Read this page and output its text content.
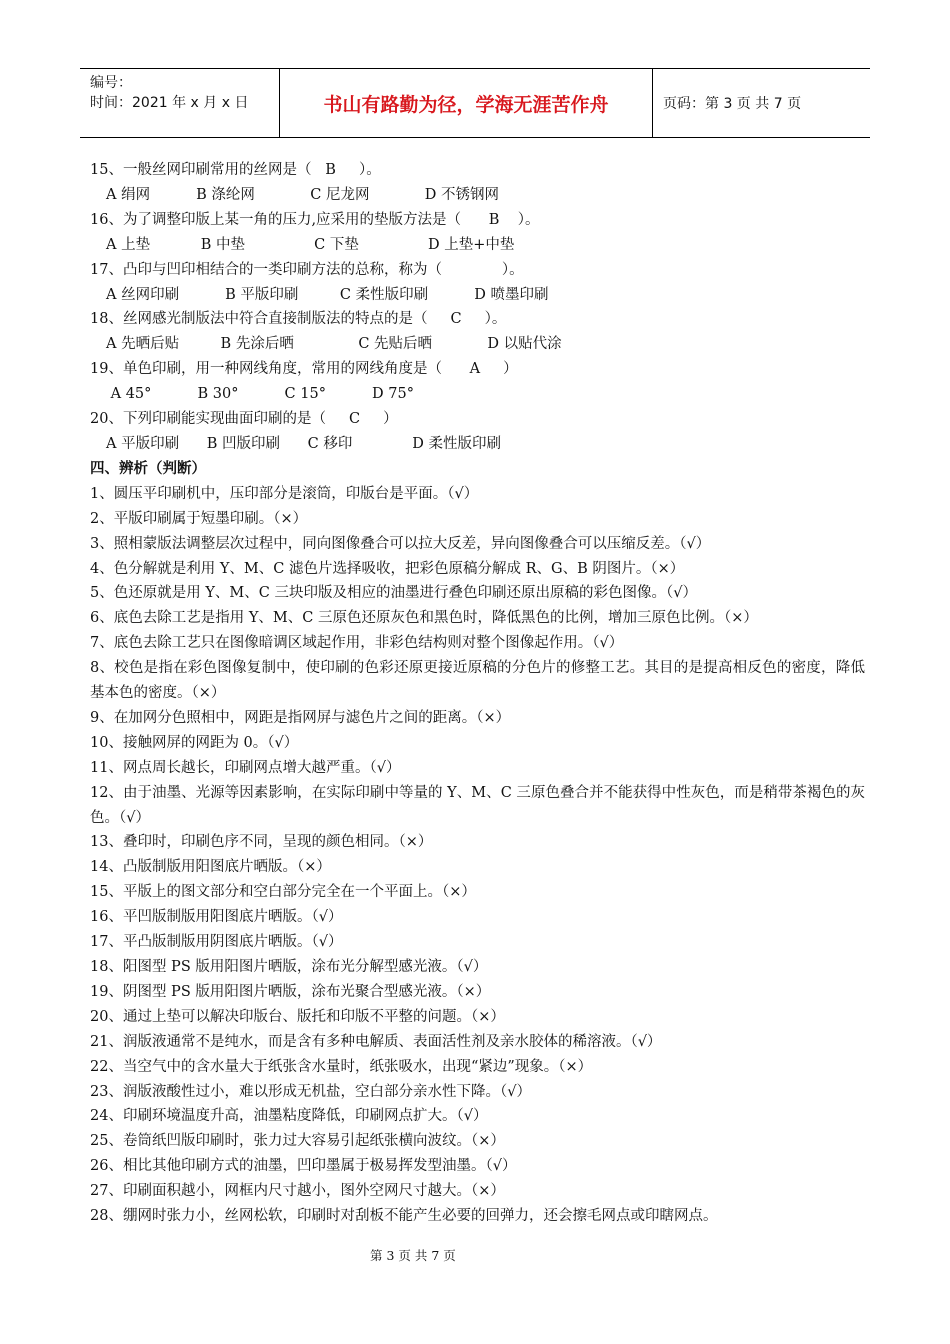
编号：
时间：2021 年 x 月 x 日	书山有路勤为径，学海无涯苦作舟	页码：第 3 页 共 7 页
15、一般丝网印刷常用的丝网是（   B     ）。
A 绢网          B 涤纶网            C 尼龙网            D 不锈钢网
16、为了调整印版上某一角的压力,应采用的垫版方法是（      B    ）。
A 上垫           B 中垫               C 下垫               D 上垫+中垫
17、凸印与凹印相结合的一类印刷方法的总称，称为（             ）。
A 丝网印刷          B 平版印刷         C 柔性版印刷          D 喷墨印刷
18、丝网感光制版法中符合直接制版法的特点的是（     C     ）。
A 先晒后贴         B 先涂后晒              C 先贴后晒            D 以贴代涂
19、单色印刷，用一种网线角度，常用的网线角度是（      A     ）
A 45°          B 30°          C 15°          D 75°
20、下列印刷能实现曲面印刷的是（     C     ）
A 平版印刷      B 凹版印刷      C 移印             D 柔性版印刷
四、辨析（判断）
1、圆压平印刷机中，压印部分是滚筒，印版台是平面。（√）
2、平版印刷属于短墨印刷。（×）
3、照相蒙版法调整层次过程中，同向图像叠合可以拉大反差，异向图像叠合可以压缩反差。（√）
4、色分解就是利用 Y、M、C 滤色片选择吸收，把彩色原稿分解成 R、G、B 阴图片。（×）
5、色还原就是用 Y、M、C 三块印版及相应的油墨进行叠色印刷还原出原稿的彩色图像。（√）
6、底色去除工艺是指用 Y、M、C 三原色还原灰色和黑色时，降低黑色的比例，增加三原色比例。（×）
7、底色去除工艺只在图像暗调区域起作用，非彩色结构则对整个图像起作用。（√）
8、校色是指在彩色图像复制中，使印刷的色彩还原更接近原稿的分色片的修整工艺。其目的是提高相反色的密度，降低基本色的密度。（×）
9、在加网分色照相中，网距是指网屏与滤色片之间的距离。（×）
10、接触网屏的网距为 0。（√）
11、网点周长越长，印刷网点增大越严重。（√）
12、由于油墨、光源等因素影响，在实际印刷中等量的 Y、M、C 三原色叠合并不能获得中性灰色，而是稍带茶褐色的灰色。（√）
13、叠印时，印刷色序不同，呈现的颜色相同。（×）
14、凸版制版用阳图底片晒版。（×）
15、平版上的图文部分和空白部分完全在一个平面上。（×）
16、平凹版制版用阳图底片晒版。（√）
17、平凸版制版用阴图底片晒版。（√）
18、阳图型 PS 版用阳图片晒版，涂布光分解型感光液。（√）
19、阴图型 PS 版用阳图片晒版，涂布光聚合型感光液。（×）
20、通过上垫可以解决印版台、版托和印版不平整的问题。（×）
21、润版液通常不是纯水，而是含有多种电解质、表面活性剂及亲水胶体的稀溶液。（√）
22、当空气中的含水量大于纸张含水量时，纸张吸水，出现“紧边”现象。（×）
23、润版液酸性过小，难以形成无机盐，空白部分亲水性下降。（√）
24、印刷环境温度升高，油墨粘度降低，印刷网点扩大。（√）
25、卷筒纸凹版印刷时，张力过大容易引起纸张横向波纹。（×）
26、相比其他印刷方式的油墨，凹印墨属于极易挥发型油墨。（√）
27、印刷面积越小，网框内尺寸越小，图外空网尺寸越大。（×）
28、绷网时张力小，丝网松软，印刷时对刮板不能产生必要的回弹力，还会擦毛网点或印瞎网点。
第 3 页 共 7 页
